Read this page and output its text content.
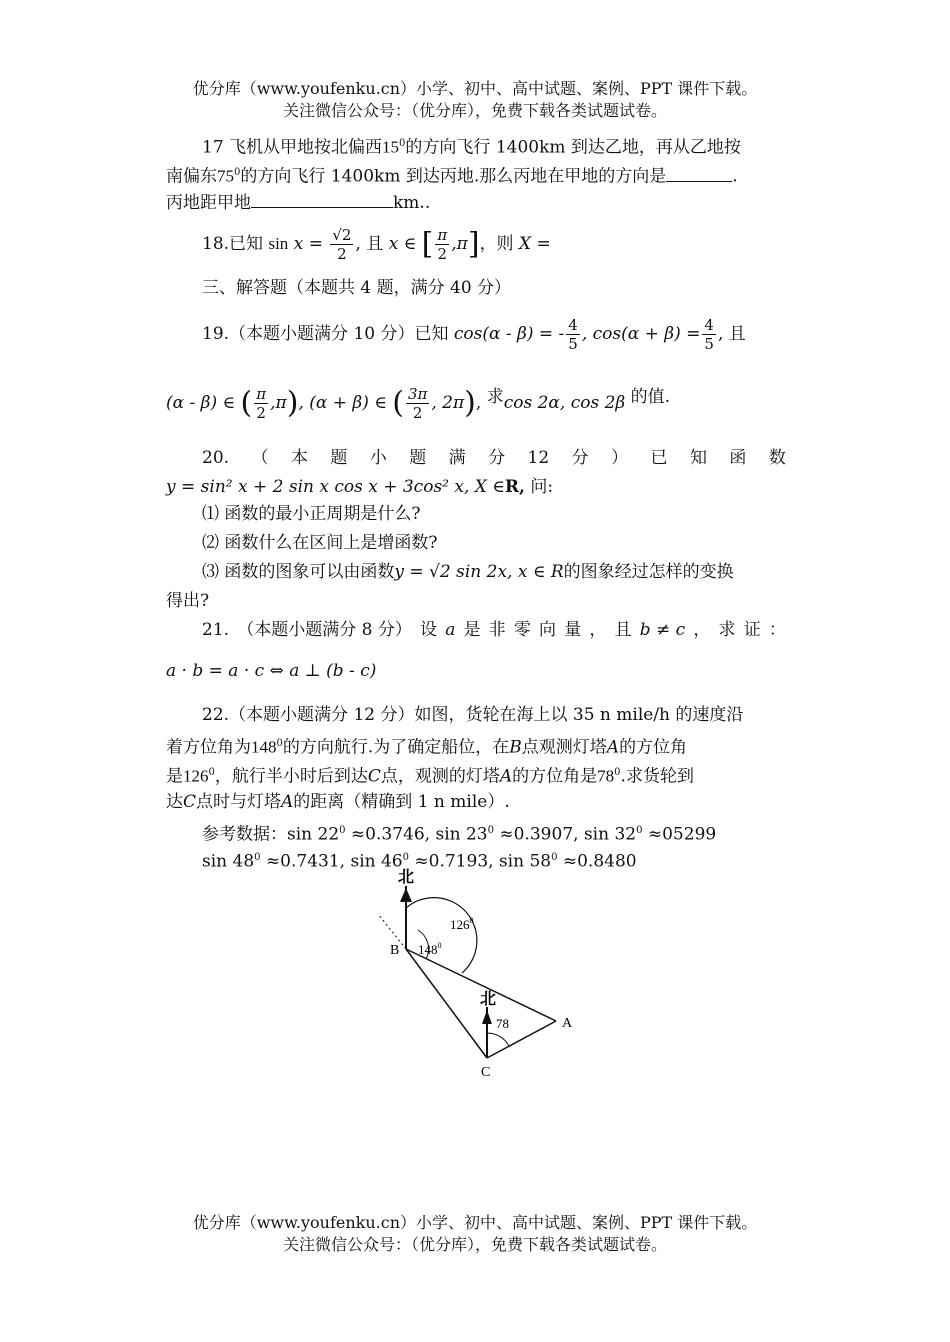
优分库（www.youfenku.cn）小学、初中、高中试题、案例、PPT 课件下载。
关注微信公众号：（优分库），免费下载各类试题试卷。
17 飞机从甲地按北偏西$15^0$的方向飞行 1400km 到达乙地，再从乙地按
南偏东$75^0$的方向飞行 1400km 到达丙地.那么丙地在甲地的方向是	.
丙地距甲地	km..
18.已知 $\sin x = \frac{√2}{2}$ , 且 x ∈ [ $\frac{\pi}{2} ,\pi$]，则 X =
三、解答题（本题共 4 题，满分 40 分）
19.（本题小题满分 10 分）已知 cos(α - β) = - $\frac{4}{5}$ , $\cos(\alpha + \beta) = \frac{4}{5}$ , 且
(α - β) ∈ ( $\frac{\pi}{2} ,\pi$), (α + β) ∈ ( $\frac{3\pi}{2}$ , 2π), 求cos 2α, cos 2β 的值.
20. （ 本 题 小 题 满 分 12 分 ） 已 知 函 数
y = sin² x + 2 sin x cos x + 3cos² x, X ∈R, 问:
⑴ 函数的最小正周期是什么?
⑵ 函数什么在区间上是增函数?
⑶ 函数的图象可以由函数y = √2 sin 2x, x ∈ R的图象经过怎样的变换
得出?
21. （本题小题满分 8 分） 设 a 是 非 零 向 量 ， 且 b ≠ c ， 求 证 ：
a · b = a · c ⇔ a ⊥ (b - c)
22.（本题小题满分 12 分）如图，货轮在海上以 35 n mile/h 的速度沿
着方位角为$148^0$的方向航行.为了确定船位，在B点观测灯塔A的方位角
是$126^0$，航行半小时后到达C点，观测的灯塔A的方位角是$78^0$.求货轮到
达C点时与灯塔A的距离（精确到 1 n mile）.
参考数据：$\sin 22^0 \approx 0.3746$, $\sin 23^0 \approx 0.3907$, $\sin 32^0 \approx 05299$
$\sin 48^0 \approx 0.7431$, $\sin 46^0 \approx 0.7193$, $\sin 58^0 \approx 0.8480$
北
北
$126^0$
$148^0$
78
B
A
C
优分库（www.youfenku.cn）小学、初中、高中试题、案例、PPT 课件下载。
关注微信公众号：（优分库），免费下载各类试题试卷。
